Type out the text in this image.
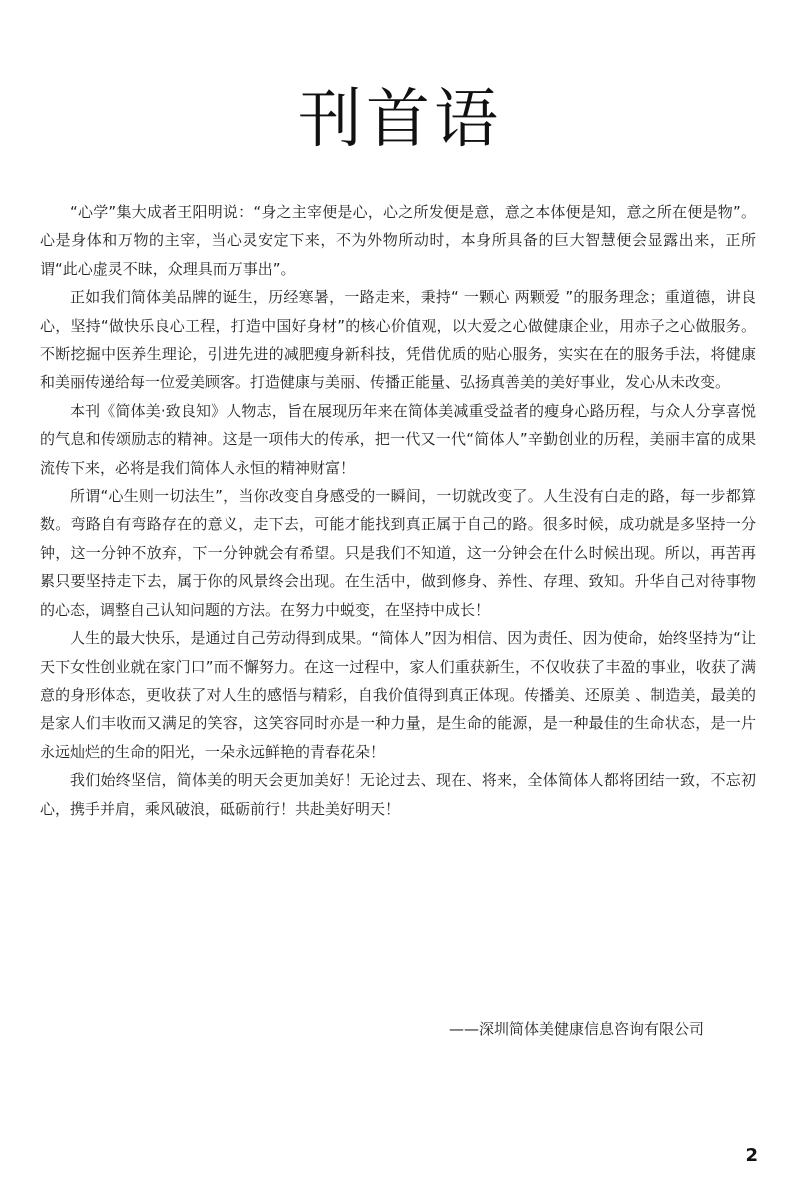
刊首语

“心学”集大成者王阳明说：“身之主宰便是心，心之所发便是意，意之本体便是知，意之所在便是物”。心是身体和万物的主宰，当心灵安定下来，不为外物所动时，本身所具备的巨大智慧便会显露出来，正所谓“此心虚灵不昧，众理具而万事出”。

正如我们简体美品牌的诞生，历经寒暑，一路走来，秉持“ 一颗心 两颗爱 ”的服务理念；重道德，讲良心，坚持“做快乐良心工程，打造中国好身材”的核心价值观，以大爱之心做健康企业，用赤子之心做服务。不断挖掘中医养生理论，引进先进的减肥瘦身新科技，凭借优质的贴心服务，实实在在的服务手法，将健康和美丽传递给每一位爱美顾客。打造健康与美丽、传播正能量、弘扬真善美的美好事业，发心从未改变。

本刊《简体美·致良知》人物志，旨在展现历年来在简体美减重受益者的瘦身心路历程，与众人分享喜悦的气息和传颂励志的精神。这是一项伟大的传承，把一代又一代“简体人”辛勤创业的历程，美丽丰富的成果流传下来，必将是我们简体人永恒的精神财富！

所谓“心生则一切法生”，当你改变自身感受的一瞬间，一切就改变了。人生没有白走的路，每一步都算数。弯路自有弯路存在的意义，走下去，可能才能找到真正属于自己的路。很多时候，成功就是多坚持一分钟，这一分钟不放弃，下一分钟就会有希望。只是我们不知道，这一分钟会在什么时候出现。所以，再苦再累只要坚持走下去，属于你的风景终会出现。在生活中，做到修身、养性、存理、致知。升华自己对待事物的心态，调整自己认知问题的方法。在努力中蜕变，在坚持中成长！

人生的最大快乐，是通过自己劳动得到成果。“简体人”因为相信、因为责任、因为使命，始终坚持为“让天下女性创业就在家门口”而不懈努力。在这一过程中，家人们重获新生，不仅收获了丰盈的事业，收获了满意的身形体态，更收获了对人生的感悟与精彩，自我价值得到真正体现。传播美、还原美 、制造美，最美的是家人们丰收而又满足的笑容，这笑容同时亦是一种力量，是生命的能源，是一种最佳的生命状态，是一片永远灿烂的生命的阳光，一朵永远鲜艳的青春花朵！

我们始终坚信，简体美的明天会更加美好！无论过去、现在、将来，全体简体人都将团结一致，不忘初心，携手并肩，乘风破浪，砥砺前行！共赴美好明天！

——深圳简体美健康信息咨询有限公司
2
